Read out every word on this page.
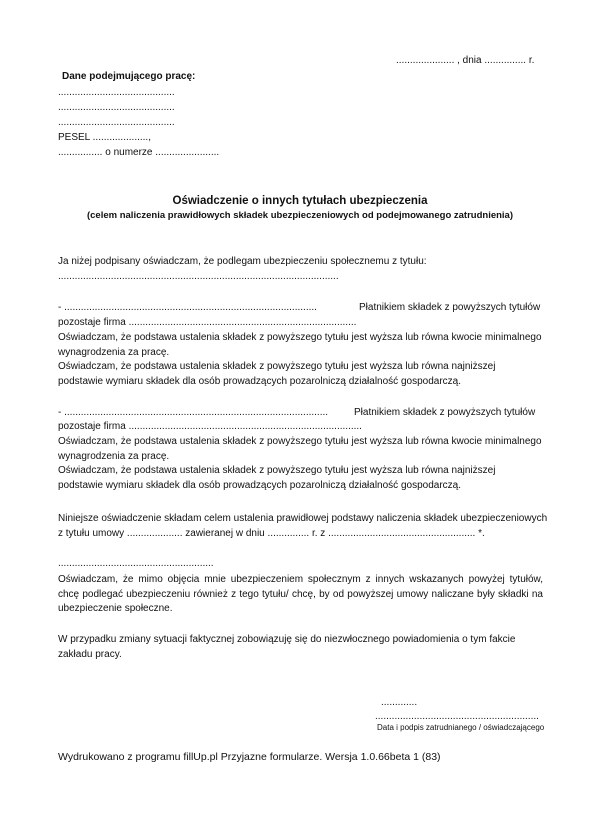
..................... , dnia ............... r.
Dane podejmującego pracę:
..........................................
..........................................
..........................................
PESEL ....................,
................ o numerze .......................
Oświadczenie o innych tytułach ubezpieczenia
(celem naliczenia prawidłowych składek ubezpieczeniowych od podejmowanego zatrudnienia)
Ja niżej podpisany oświadczam, że podlegam ubezpieczeniu społecznemu z tytułu:
.....................................................................................................
- ...........................................................................................	Płatnikiem składek z powyższych tytułów
pozostaje firma ..................................................................................
Oświadczam, że podstawa ustalenia składek z powyższego tytułu jest wyższa lub równa kwocie minimalnego wynagrodzenia za pracę.
Oświadczam, że podstawa ustalenia składek z powyższego tytułu jest wyższa lub równa najniższej podstawie wymiaru składek dla osób prowadzących pozarolniczą działalność gospodarczą.
- ...............................................................................................	Płatnikiem składek z powyższych tytułów
pozostaje firma ....................................................................................
Oświadczam, że podstawa ustalenia składek z powyższego tytułu jest wyższa lub równa kwocie minimalnego wynagrodzenia za pracę.
Oświadczam, że podstawa ustalenia składek z powyższego tytułu jest wyższa lub równa najniższej podstawie wymiaru składek dla osób prowadzących pozarolniczą działalność gospodarczą.
Niniejsze oświadczenie składam celem ustalenia prawidłowej podstawy naliczenia składek ubezpieczeniowych
z tytułu umowy .................... zawieranej w dniu ............... r. z ..................................................... *.
........................................................
Oświadczam, że mimo objęcia mnie ubezpieczeniem społecznym z innych wskazanych powyżej tytułów, chcę podlegać ubezpieczeniu również z tego tytułu/ chcę, by od powyższej umowy naliczane były składki na ubezpieczenie społeczne.
W przypadku zmiany sytuacji faktycznej zobowiązuję się do niezwłocznego powiadomienia o tym fakcie zakładu pracy.
.............
...........................................................
Data i podpis zatrudnianego / oświadczającego
Wydrukowano z programu fillUp.pl Przyjazne formularze. Wersja 1.0.66beta 1 (83)
